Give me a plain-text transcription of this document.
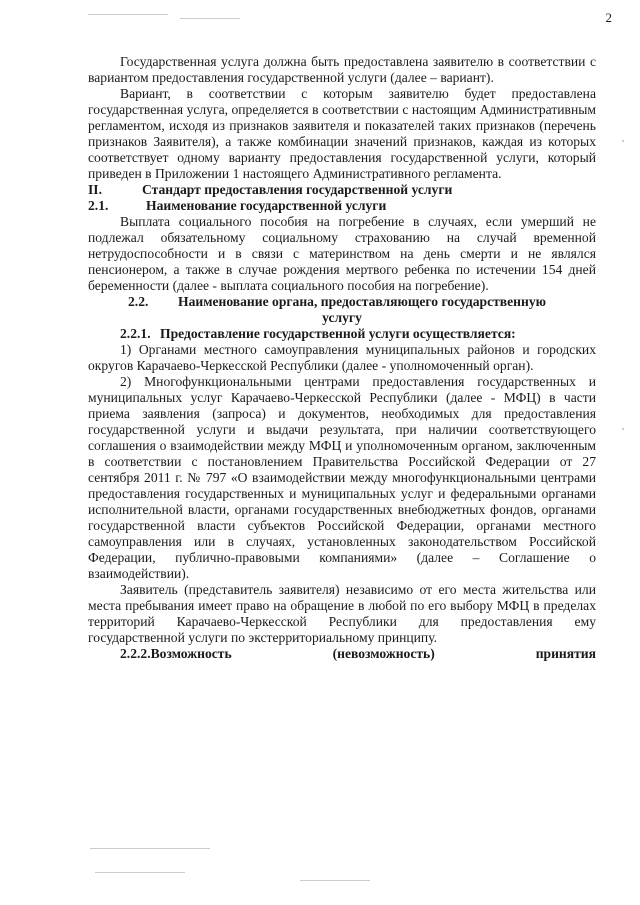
2

Государственная услуга должна быть предоставлена заявителю в соответствии с вариантом предоставления государственной услуги (далее – вариант).

Вариант, в соответствии с которым заявителю будет предоставлена государственная услуга, определяется в соответствии с настоящим Административным регламентом, исходя из признаков заявителя и показателей таких признаков (перечень признаков Заявителя), а также комбинации значений признаков, каждая из которых соответствует одному варианту предоставления государственной услуги, который приведен в Приложении 1 настоящего Административного регламента.

II.	Стандарт предоставления государственной услуги

2.1.	Наименование государственной услуги

Выплата социального пособия на погребение в случаях, если умерший не подлежал обязательному социальному страхованию на случай временной нетрудоспособности и в связи с материнством на день смерти и не являлся пенсионером, а также в случае рождения мертвого ребенка по истечении 154 дней беременности (далее - выплата социального пособия на погребение).

2.2. Наименование органа, предоставляющего государственную
услугу

2.2.1. Предоставление государственной услуги осуществляется:

1) Органами местного самоуправления муниципальных районов и городских округов Карачаево-Черкесской Республики (далее - уполномоченный орган).

2) Многофункциональными центрами предоставления государственных и муниципальных услуг Карачаево-Черкесской Республики (далее - МФЦ) в части приема заявления (запроса) и документов, необходимых для предоставления государственной услуги и выдачи результата, при наличии соответствующего соглашения о взаимодействии между МФЦ и уполномоченным органом, заключенным в соответствии с постановлением Правительства Российской Федерации от 27 сентября 2011 г. № 797 «О взаимодействии между многофункциональными центрами предоставления государственных и муниципальных услуг и федеральными органами исполнительной власти, органами государственных внебюджетных фондов, органами государственной власти субъектов Российской Федерации, органами местного самоуправления или в случаях, установленных законодательством Российской Федерации, публично-правовыми компаниями» (далее – Соглашение о взаимодействии).

Заявитель (представитель заявителя) независимо от его места жительства или места пребывания имеет право на обращение в любой по его выбору МФЦ в пределах территорий Карачаево-Черкесской Республики для предоставления ему государственной услуги по экстерриториальному принципу.

2.2.2.Возможность	(невозможность)	принятия
